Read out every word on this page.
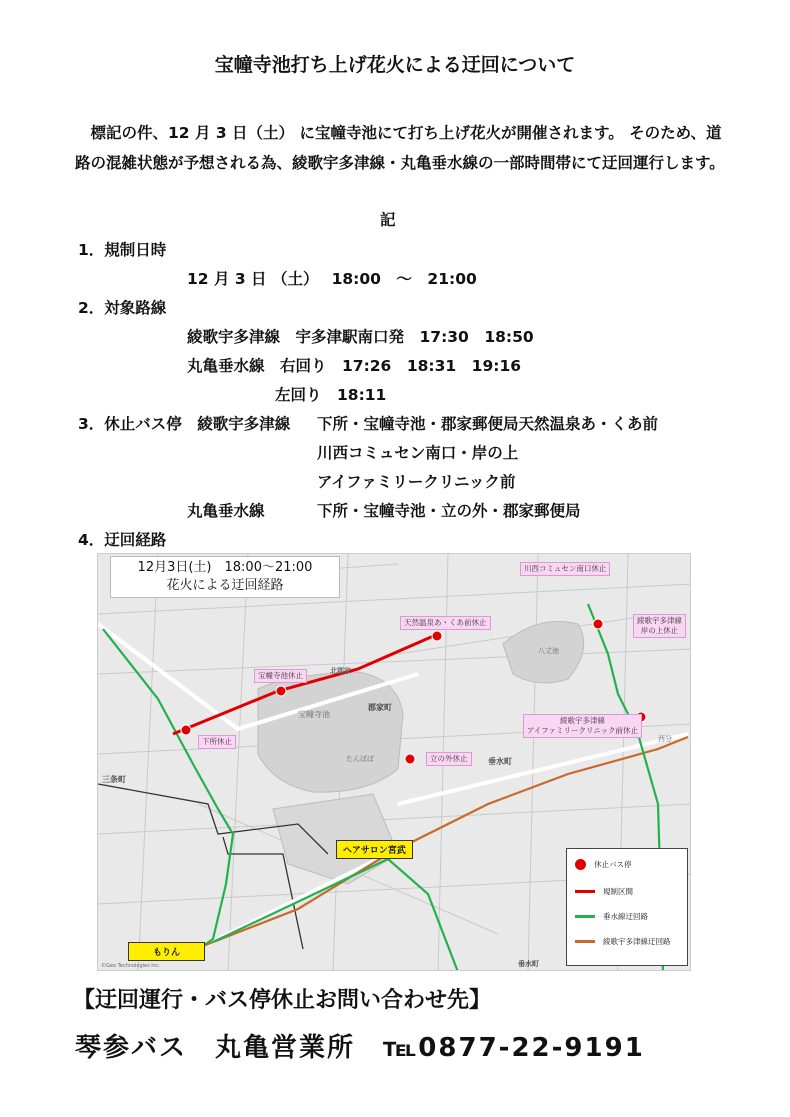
宝幢寺池打ち上げ花火による迂回について
　標記の件、12 月 3 日（土） に宝幢寺池にて打ち上げ花火が開催されます。 そのため、道路の混雑状態が予想される為、綾歌宇多津線・丸亀垂水線の一部時間帯にて迂回運行します。
記
1．規制日時
12 月 3 日 （土）　 18:00　～　21:00
2．対象路線
綾歌宇多津線　宇多津駅南口発　17:30　18:50
丸亀垂水線　右回り　17:26　18:31　19:16
左回り　18:11
3．休止バス停　綾歌宇多津線 下所・宝幢寺池・郡家郵便局天然温泉あ・くあ前
川西コミュセン南口・岸の上
アイファミリークリニック前
丸亀垂水線	下所・宝幢寺池・立の外・郡家郵便局
4．迂回経路
12月3日(土)　18:00～21:00
花火による迂回経路
川西コミュセン南口休止
天然温泉あ・くあ前休止	綾歌宇多津線
岸の上休止
宝幢寺池休止
下所休止
立の外休止
綾歌宇多津線
アイファミリークリニック前休止
ヘアサロン宮武
もりん
宝幢寺池
郡家町
垂水町
三条町
たんぼぼ
北郡家
西分
八丈池
垂水町
©Geo Technologies Inc.
休止バス停
規制区間
垂水線迂回路
綾歌宇多津線迂回路
【迂回運行・バス停休止お問い合わせ先】
琴参バス　丸亀営業所　℡0877-22-9191
